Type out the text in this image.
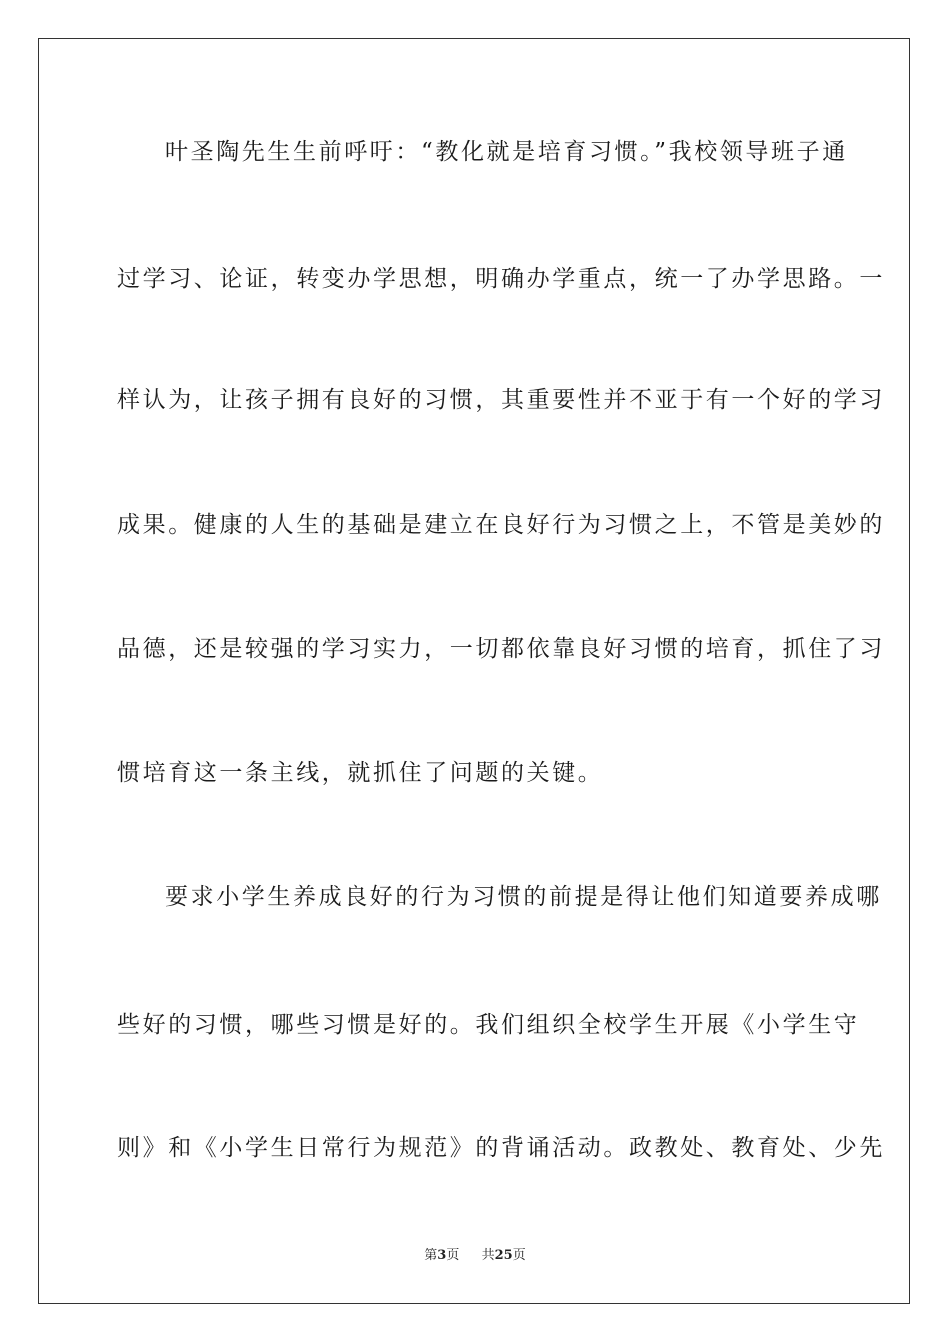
叶圣陶先生生前呼吁：“教化就是培育习惯。”我校领导班子通
过学习、论证，转变办学思想，明确办学重点，统一了办学思路。一
样认为，让孩子拥有良好的习惯，其重要性并不亚于有一个好的学习
成果。健康的人生的基础是建立在良好行为习惯之上，不管是美妙的
品德，还是较强的学习实力，一切都依靠良好习惯的培育，抓住了习
惯培育这一条主线，就抓住了问题的关键。
要求小学生养成良好的行为习惯的前提是得让他们知道要养成哪
些好的习惯，哪些习惯是好的。我们组织全校学生开展《小学生守
则》和《小学生日常行为规范》的背诵活动。政教处、教育处、少先
第3页 共25页
